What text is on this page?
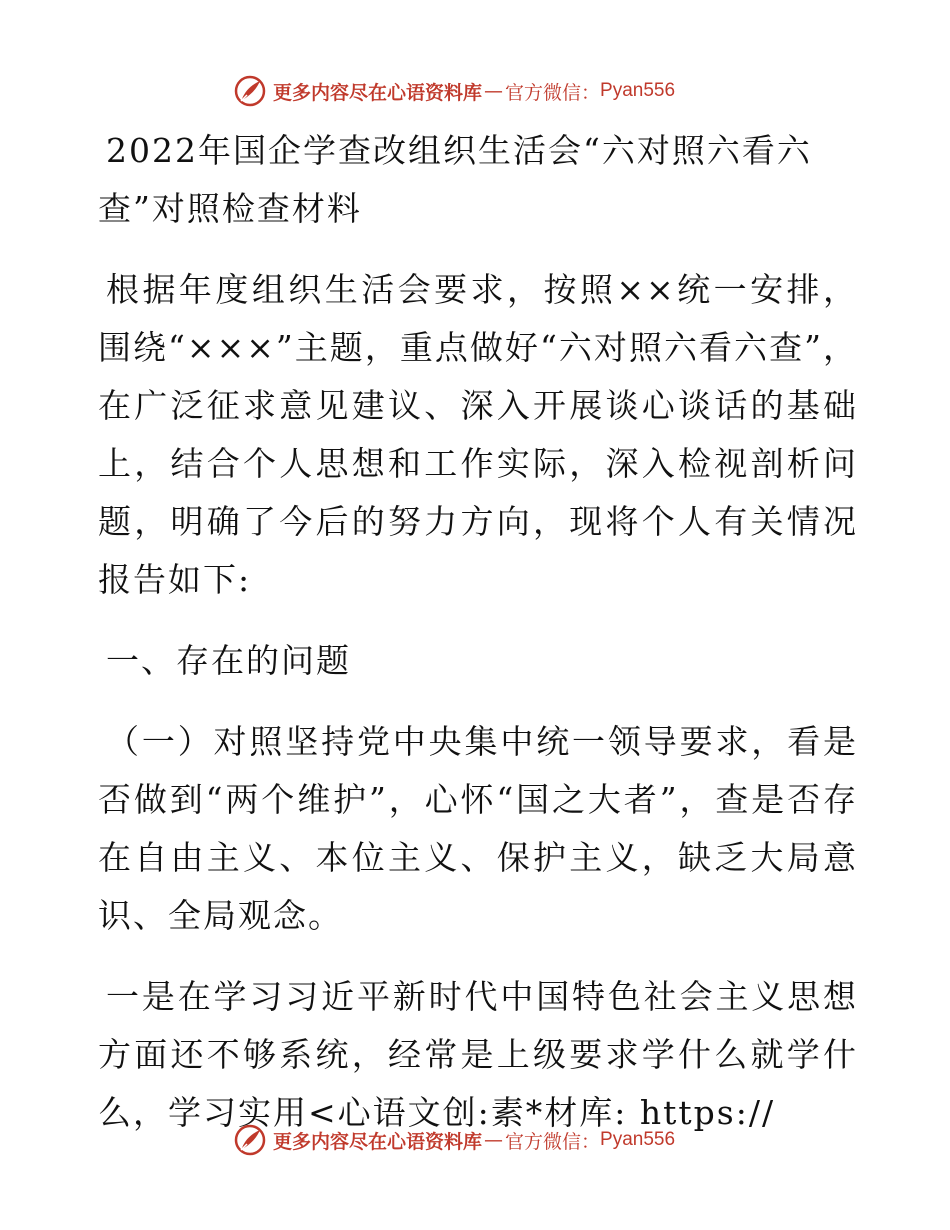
更多内容尽在心语资料库 — 官方微信： Pyan556
2022年国企学查改组织生活会“六对照六看六查”对照检查材料
根据年度组织生活会要求，按照××统一安排，围绕“×××”主题，重点做好“六对照六看六查”，在广泛征求意见建议、深入开展谈心谈话的基础上，结合个人思想和工作实际，深入检视剖析问题，明确了今后的努力方向，现将个人有关情况报告如下:
一、存在的问题
（一）对照坚持党中央集中统一领导要求，看是否做到“两个维护”，心怀“国之大者”，查是否存在自由主义、本位主义、保护主义，缺乏大局意识、全局观念。
一是在学习习近平新时代中国特色社会主义思想方面还不够系统，经常是上级要求学什么就学什么，学习实用<心语文创:素*材库: https://
更多内容尽在心语资料库 — 官方微信： Pyan556
